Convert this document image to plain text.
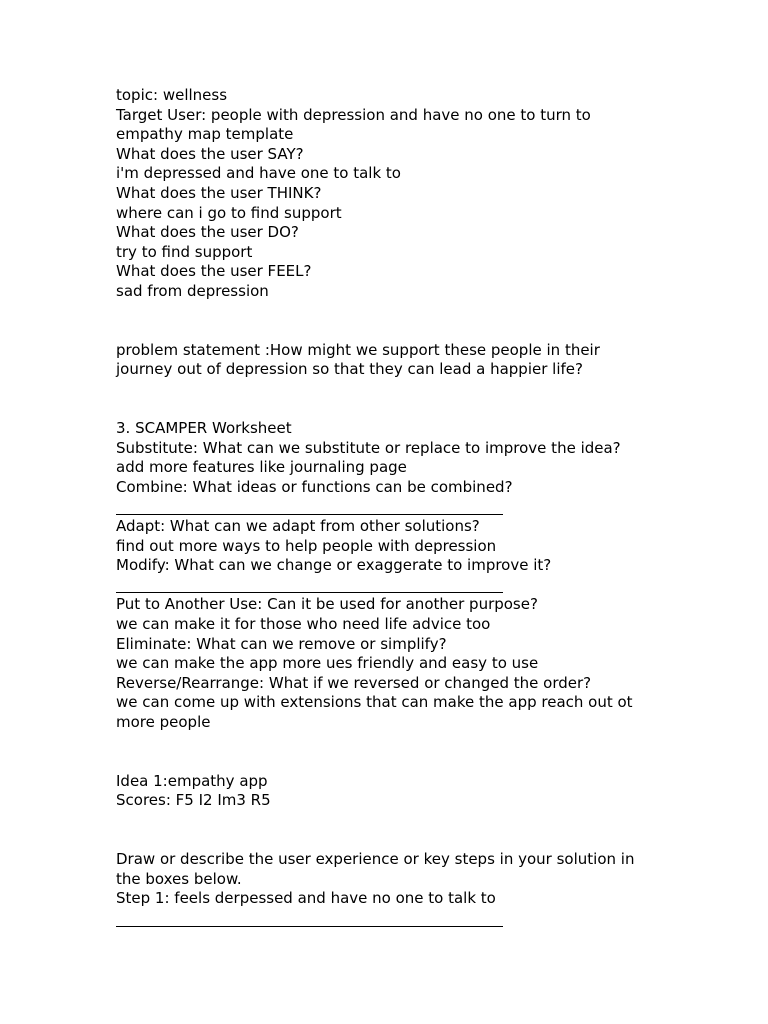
topic: wellness
Target User: people with depression and have no one to turn to
empathy map template
What does the user SAY?
i'm depressed and have one to talk to
What does the user THINK?
where can i go to find support
What does the user DO?
try to find support
What does the user FEEL?
sad from depression
problem statement :How might we support these people in their journey out of depression so that they can lead a happier life?
3. SCAMPER Worksheet
Substitute: What can we substitute or replace to improve the idea?
add more features like journaling page
Combine: What ideas or functions can be combined?
Adapt: What can we adapt from other solutions?
find out more ways to help people with depression
Modify: What can we change or exaggerate to improve it?
Put to Another Use: Can it be used for another purpose?
we can make it for those who need life advice too
Eliminate: What can we remove or simplify?
we can make the app more ues friendly and easy to use
Reverse/Rearrange: What if we reversed or changed the order?
we can come up with extensions that can make the app reach out ot more people
Idea 1:empathy app
Scores: F5 I2 Im3 R5
Draw or describe the user experience or key steps in your solution in the boxes below.
Step 1: feels derpessed and have no one to talk to
